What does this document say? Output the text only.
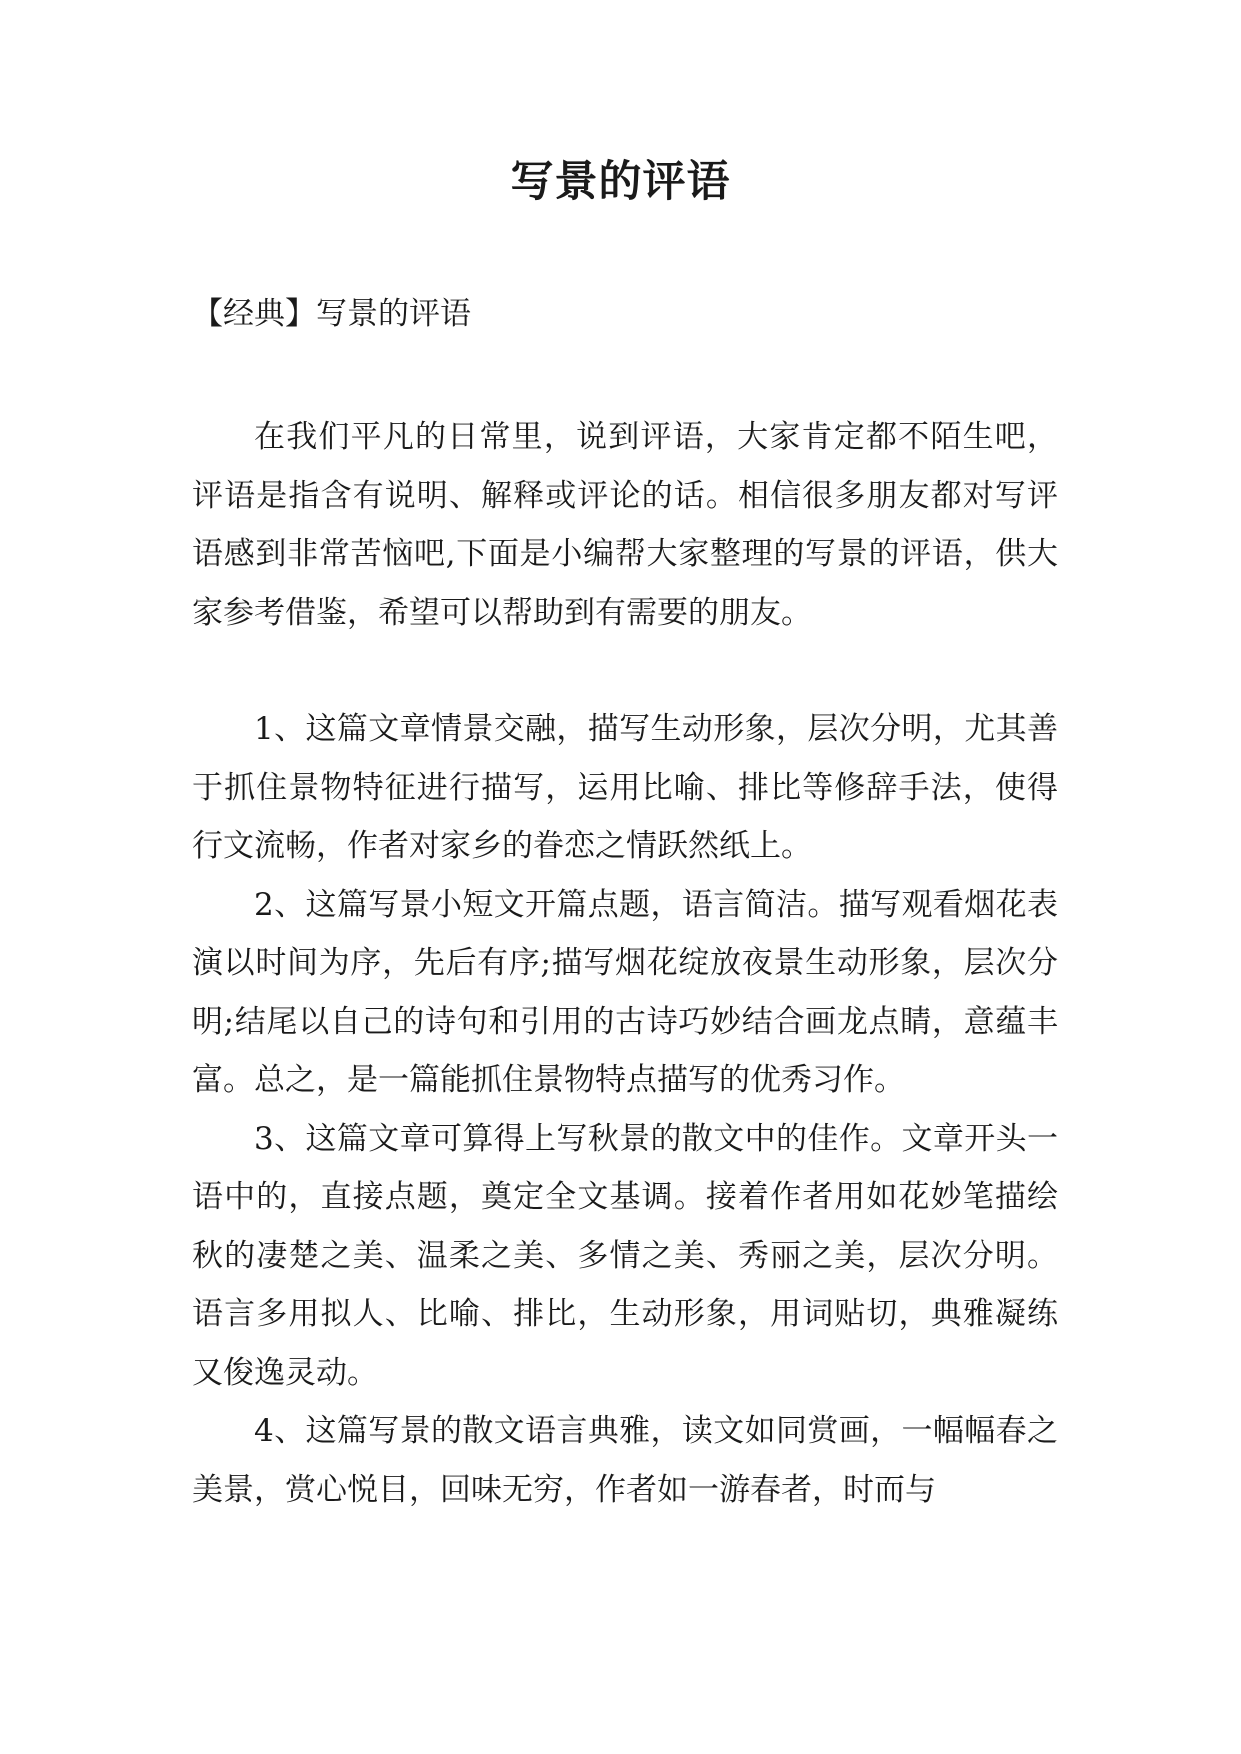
写景的评语

【经典】写景的评语

在我们平凡的日常里，说到评语，大家肯定都不陌生吧，评语是指含有说明、解释或评论的话。相信很多朋友都对写评语感到非常苦恼吧,下面是小编帮大家整理的写景的评语，供大家参考借鉴，希望可以帮助到有需要的朋友。

1、这篇文章情景交融，描写生动形象，层次分明，尤其善于抓住景物特征进行描写，运用比喻、排比等修辞手法，使得行文流畅，作者对家乡的眷恋之情跃然纸上。

2、这篇写景小短文开篇点题，语言简洁。描写观看烟花表演以时间为序，先后有序;描写烟花绽放夜景生动形象，层次分明;结尾以自己的诗句和引用的古诗巧妙结合画龙点睛，意蕴丰富。总之，是一篇能抓住景物特点描写的优秀习作。

3、这篇文章可算得上写秋景的散文中的佳作。文章开头一语中的，直接点题，奠定全文基调。接着作者用如花妙笔描绘秋的凄楚之美、温柔之美、多情之美、秀丽之美，层次分明。语言多用拟人、比喻、排比，生动形象，用词贴切，典雅凝练又俊逸灵动。

4、这篇写景的散文语言典雅，读文如同赏画，一幅幅春之美景，赏心悦目，回味无穷，作者如一游春者，时而与
